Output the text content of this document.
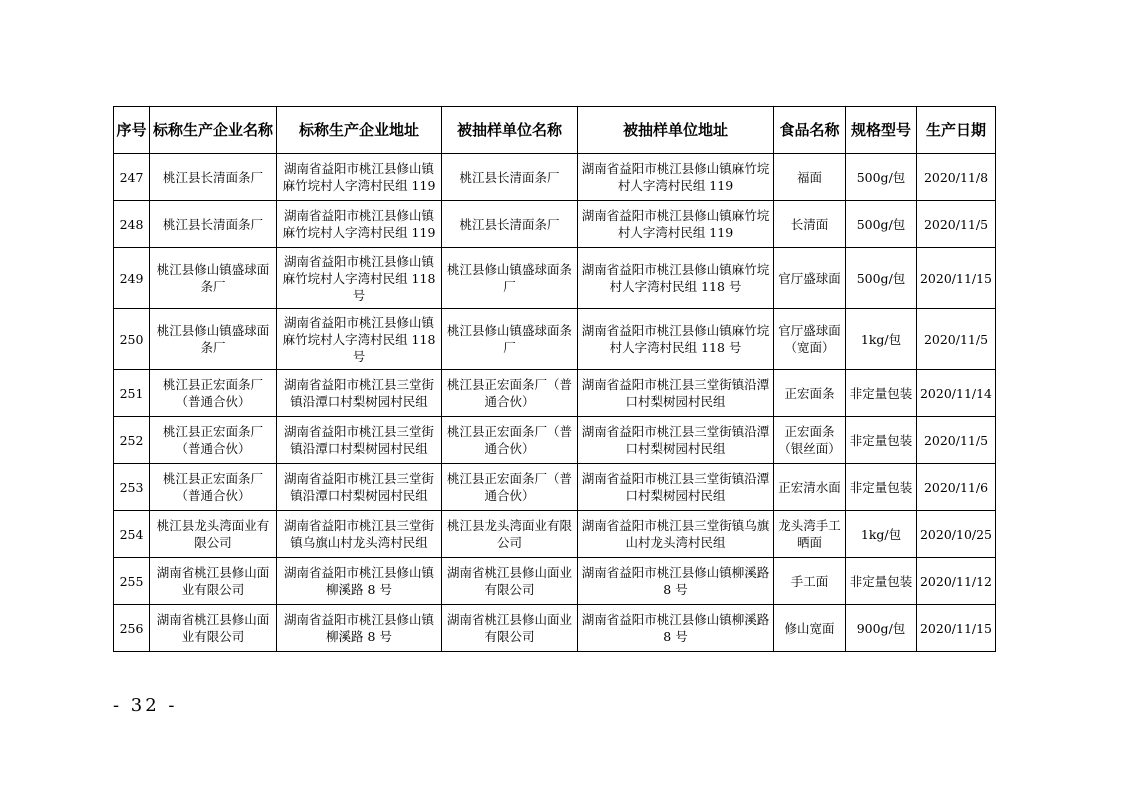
序号	标称生产企业名称	标称生产企业地址	被抽样单位名称	被抽样单位地址	食品名称	规格型号	生产日期
247	桃江县长清面条厂	湖南省益阳市桃江县修山镇麻竹垸村人字湾村民组 119	桃江县长清面条厂	湖南省益阳市桃江县修山镇麻竹垸村人字湾村民组 119	福面	500g/包	2020/11/8
248	桃江县长清面条厂	湖南省益阳市桃江县修山镇麻竹垸村人字湾村民组 119	桃江县长清面条厂	湖南省益阳市桃江县修山镇麻竹垸村人字湾村民组 119	长清面	500g/包	2020/11/5
249	桃江县修山镇盛球面条厂	湖南省益阳市桃江县修山镇麻竹垸村人字湾村民组 118 号	桃江县修山镇盛球面条厂	湖南省益阳市桃江县修山镇麻竹垸村人字湾村民组 118 号	官厅盛球面	500g/包	2020/11/15
250	桃江县修山镇盛球面条厂	湖南省益阳市桃江县修山镇麻竹垸村人字湾村民组 118 号	桃江县修山镇盛球面条厂	湖南省益阳市桃江县修山镇麻竹垸村人字湾村民组 118 号	官厅盛球面（宽面）	1kg/包	2020/11/5
251	桃江县正宏面条厂（普通合伙）	湖南省益阳市桃江县三堂街镇沿潭口村梨树园村民组	桃江县正宏面条厂（普通合伙）	湖南省益阳市桃江县三堂街镇沿潭口村梨树园村民组	正宏面条	非定量包装	2020/11/14
252	桃江县正宏面条厂（普通合伙）	湖南省益阳市桃江县三堂街镇沿潭口村梨树园村民组	桃江县正宏面条厂（普通合伙）	湖南省益阳市桃江县三堂街镇沿潭口村梨树园村民组	正宏面条（银丝面）	非定量包装	2020/11/5
253	桃江县正宏面条厂（普通合伙）	湖南省益阳市桃江县三堂街镇沿潭口村梨树园村民组	桃江县正宏面条厂（普通合伙）	湖南省益阳市桃江县三堂街镇沿潭口村梨树园村民组	正宏清水面	非定量包装	2020/11/6
254	桃江县龙头湾面业有限公司	湖南省益阳市桃江县三堂街镇乌旗山村龙头湾村民组	桃江县龙头湾面业有限公司	湖南省益阳市桃江县三堂街镇乌旗山村龙头湾村民组	龙头湾手工晒面	1kg/包	2020/10/25
255	湖南省桃江县修山面业有限公司	湖南省益阳市桃江县修山镇柳溪路 8 号	湖南省桃江县修山面业有限公司	湖南省益阳市桃江县修山镇柳溪路 8 号	手工面	非定量包装	2020/11/12
256	湖南省桃江县修山面业有限公司	湖南省益阳市桃江县修山镇柳溪路 8 号	湖南省桃江县修山面业有限公司	湖南省益阳市桃江县修山镇柳溪路 8 号	修山宽面	900g/包	2020/11/15
- 32 -
